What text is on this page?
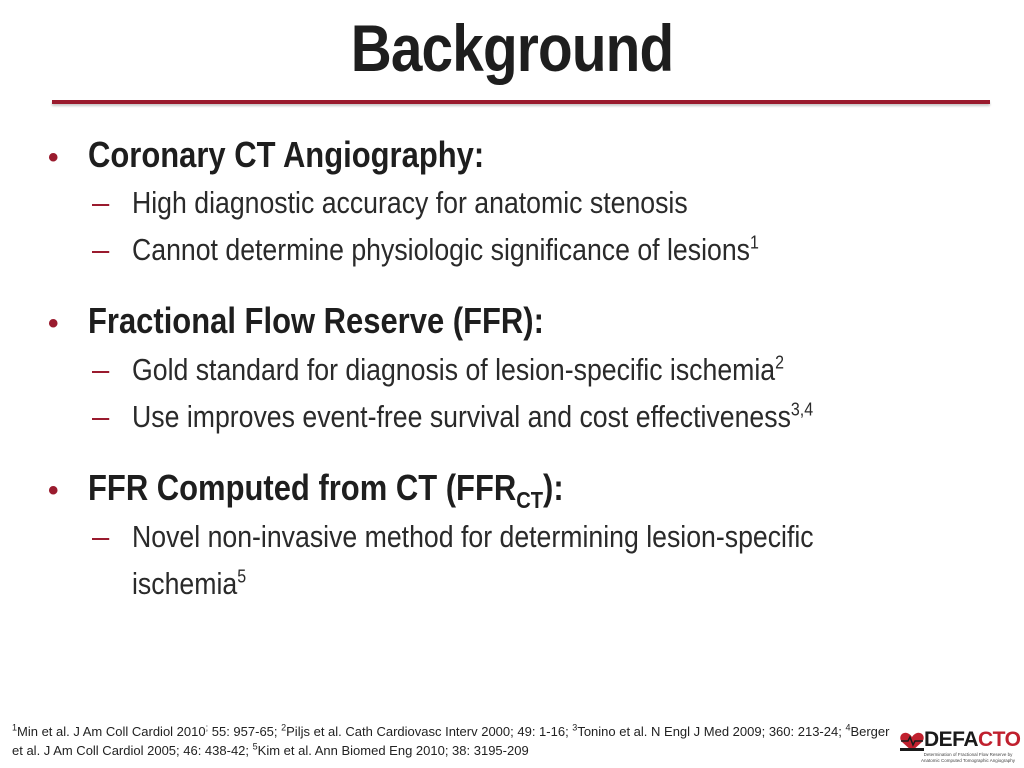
Background
• Coronary CT Angiography:
– High diagnostic accuracy for anatomic stenosis
– Cannot determine physiologic significance of lesions$^1$
• Fractional Flow Reserve (FFR):
– Gold standard for diagnosis of lesion-specific ischemia$^2$
– Use improves event-free survival and cost effectiveness$^{3,4}$
• FFR Computed from CT $(FFR_{CT})$:
– Novel non-invasive method for determining lesion-specific
ischemia$^5$
$^1$Min et al. J Am Coll Cardiol 2010; 55: 957-65; $^2$Piljs et al. Cath Cardiovasc Interv 2000; 49: 1-16; $^3$Tonino et al. N Engl J Med 2009; 360: 213-24; $^4$Berger et al. J Am Coll Cardiol 2005; 46: 438-42; $^5$Kim et al. Ann Biomed Eng 2010; 38: 3195-209	DEFACTO
Determination of Fractional Flow Reserve by Anatomic Computed Tomographic Angiography
